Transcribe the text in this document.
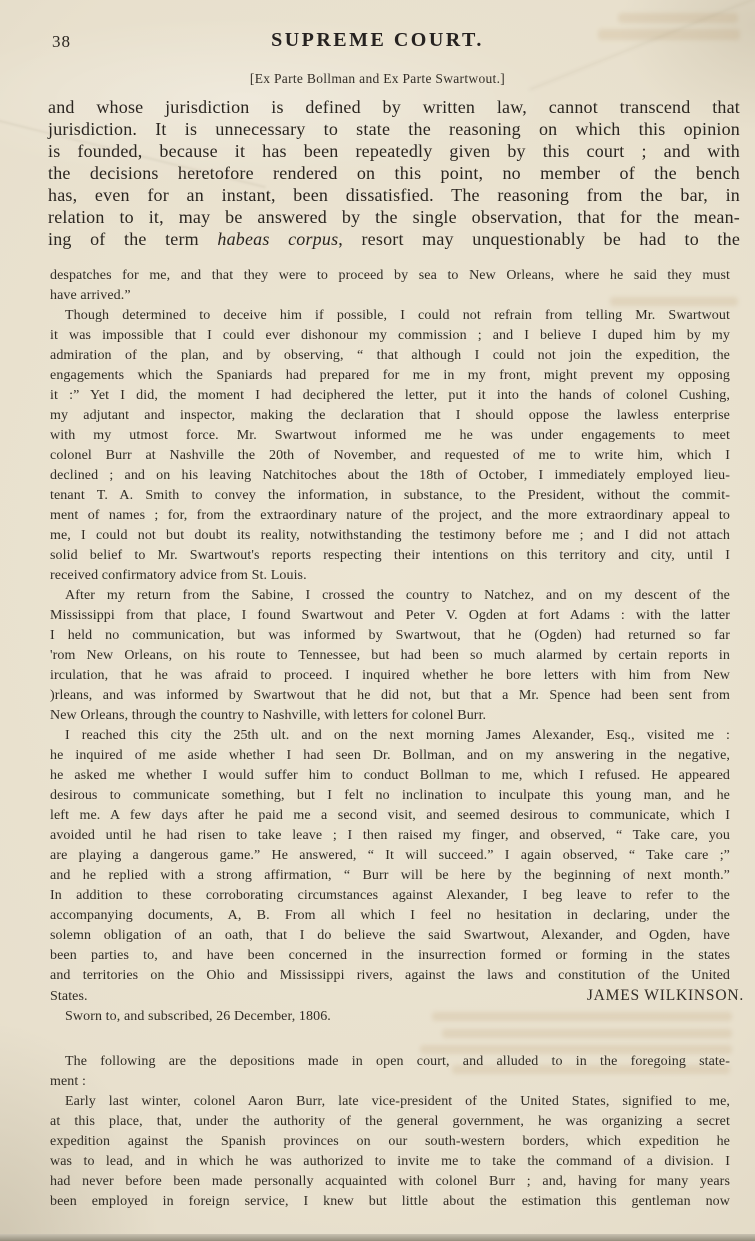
38	SUPREME COURT.
[Ex Parte Bollman and Ex Parte Swartwout.]
and whose jurisdiction is defined by written law, cannot transcend that
jurisdiction. It is unnecessary to state the reasoning on which this opinion
is founded, because it has been repeatedly given by this court ; and with
the decisions heretofore rendered on this point, no member of the bench
has, even for an instant, been dissatisfied. The reasoning from the bar, in
relation to it, may be answered by the single observation, that for the mean-
ing of the term habeas corpus, resort may unquestionably be had to the
despatches for me, and that they were to proceed by sea to New Orleans, where he said they must
have arrived.”
Though determined to deceive him if possible, I could not refrain from telling Mr. Swartwout
it was impossible that I could ever dishonour my commission ; and I believe I duped him by my
admiration of the plan, and by observing, “ that although I could not join the expedition, the
engagements which the Spaniards had prepared for me in my front, might prevent my opposing
it :” Yet I did, the moment I had deciphered the letter, put it into the hands of colonel Cushing,
my adjutant and inspector, making the declaration that I should oppose the lawless enterprise
with my utmost force. Mr. Swartwout informed me he was under engagements to meet
colonel Burr at Nashville the 20th of November, and requested of me to write him, which I
declined ; and on his leaving Natchitoches about the 18th of October, I immediately employed lieu-
tenant T. A. Smith to convey the information, in substance, to the President, without the commit-
ment of names ; for, from the extraordinary nature of the project, and the more extraordinary appeal to
me, I could not but doubt its reality, notwithstanding the testimony before me ; and I did not attach
solid belief to Mr. Swartwout's reports respecting their intentions on this territory and city, until I
received confirmatory advice from St. Louis.
After my return from the Sabine, I crossed the country to Natchez, and on my descent of the
Mississippi from that place, I found Swartwout and Peter V. Ogden at fort Adams : with the latter
I held no communication, but was informed by Swartwout, that he (Ogden) had returned so far
'rom New Orleans, on his route to Tennessee, but had been so much alarmed by certain reports in
irculation, that he was afraid to proceed. I inquired whether he bore letters with him from New
)rleans, and was informed by Swartwout that he did not, but that a Mr. Spence had been sent from
New Orleans, through the country to Nashville, with letters for colonel Burr.
I reached this city the 25th ult. and on the next morning James Alexander, Esq., visited me :
he inquired of me aside whether I had seen Dr. Bollman, and on my answering in the negative,
he asked me whether I would suffer him to conduct Bollman to me, which I refused. He appeared
desirous to communicate something, but I felt no inclination to inculpate this young man, and he
left me. A few days after he paid me a second visit, and seemed desirous to communicate, which I
avoided until he had risen to take leave ; I then raised my finger, and observed, “ Take care, you
are playing a dangerous game.” He answered, “ It will succeed.” I again observed, “ Take care ;”
and he replied with a strong affirmation, “ Burr will be here by the beginning of next month.”
In addition to these corroborating circumstances against Alexander, I beg leave to refer to the
accompanying documents, A, B. From all which I feel no hesitation in declaring, under the
solemn obligation of an oath, that I do believe the said Swartwout, Alexander, and Ogden, have
been parties to, and have been concerned in the insurrection formed or forming in the states
and territories on the Ohio and Mississippi rivers, against the laws and constitution of the United
States.	JAMES WILKINSON.
Sworn to, and subscribed, 26 December, 1806.
The following are the depositions made in open court, and alluded to in the foregoing state-
ment :
Early last winter, colonel Aaron Burr, late vice-president of the United States, signified to me,
at this place, that, under the authority of the general government, he was organizing a secret
expedition against the Spanish provinces on our south-western borders, which expedition he
was to lead, and in which he was authorized to invite me to take the command of a division. I
had never before been made personally acquainted with colonel Burr ; and, having for many years
been employed in foreign service, I knew but little about the estimation this gentleman now
